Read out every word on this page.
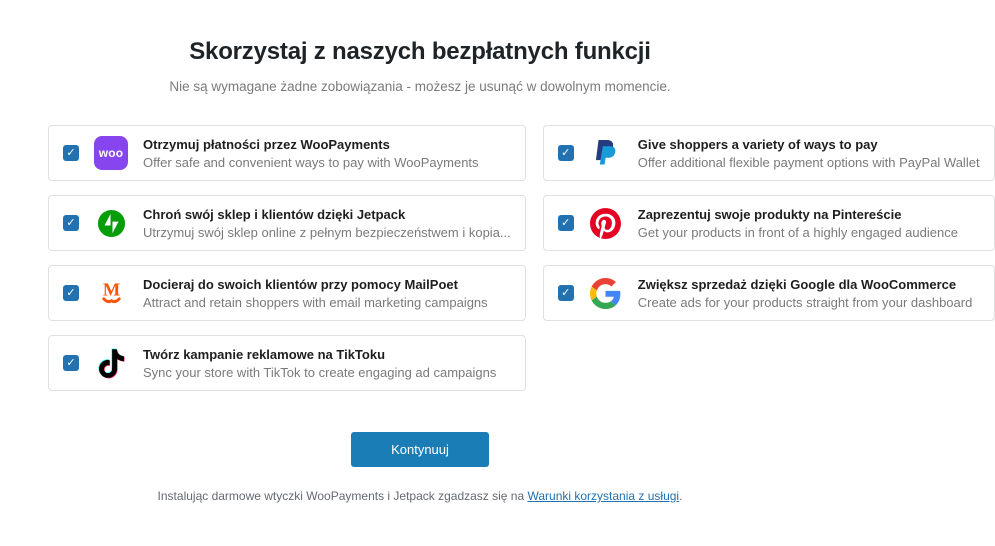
Skorzystaj z naszych bezpłatnych funkcji

Nie są wymagane żadne zobowiązania - możesz je usunąć w dowolnym momencie.

✓
woo
Otrzymuj płatności przez WooPayments
Offer safe and convenient ways to pay with WooPayments
✓
Give shoppers a variety of ways to pay
Offer additional flexible payment options with PayPal Wallet
✓
Chroń swój sklep i klientów dzięki Jetpack
Utrzymuj swój sklep online z pełnym bezpieczeństwem i kopia...
✓
Zaprezentuj swoje produkty na Pintereście
Get your products in front of a highly engaged audience
✓
M Docieraj do swoich klientów przy pomocy MailPoet
Attract and retain shoppers with email marketing campaigns
✓
Zwiększ sprzedaż dzięki Google dla WooCommerce
Create ads for your products straight from your dashboard
✓
Twórz kampanie reklamowe na TikToku
Sync your store with TikTok to create engaging ad campaigns
Kontynuuj

Instalując darmowe wtyczki WooPayments i Jetpack zgadzasz się na Warunki korzystania z usługi.
